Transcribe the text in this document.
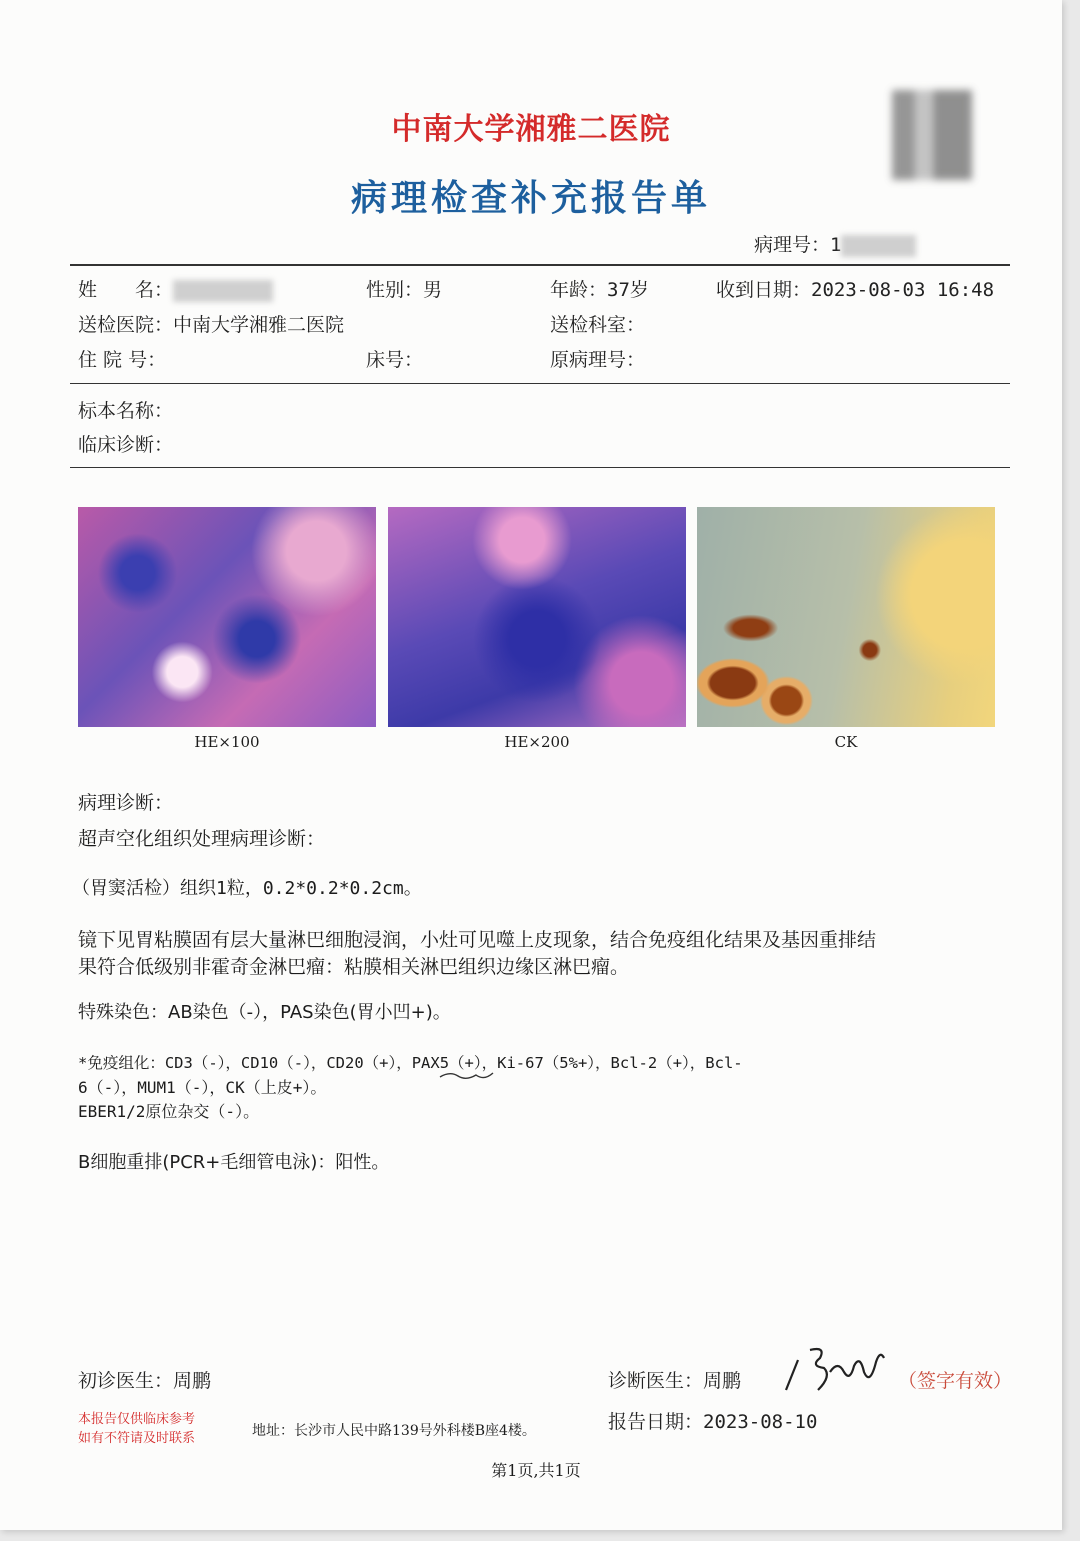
中南大学湘雅二医院
病理检查补充报告单
病理号：1
姓　　名：	性别：男	年龄：37岁	收到日期：2023-08-03 16:48
送检医院：中南大学湘雅二医院	送检科室：
住 院 号：	床号：	原病理号：
标本名称：
临床诊断：
HE×100	HE×200	CK
病理诊断：
超声空化组织处理病理诊断：
（胃窦活检）组织1粒，0.2*0.2*0.2cm。
镜下见胃粘膜固有层大量淋巴细胞浸润，小灶可见噬上皮现象，结合免疫组化结果及基因重排结
果符合低级别非霍奇金淋巴瘤：粘膜相关淋巴组织边缘区淋巴瘤。
特殊染色：AB染色（-），PAS染色(胃小凹+)。
*免疫组化：CD3（-），CD10（-），CD20（+），PAX5（+），Ki-67（5%+），Bcl-2（+），Bcl-
6（-），MUM1（-），CK（上皮+）。
EBER1/2原位杂交（-）。
B细胞重排(PCR+毛细管电泳)：阳性。
初诊医生：周鹏	诊断医生：周鹏	（签字有效）
本报告仅供临床参考
如有不符请及时联系	地址：长沙市人民中路139号外科楼B座4楼。	报告日期：2023-08-10
第1页,共1页
